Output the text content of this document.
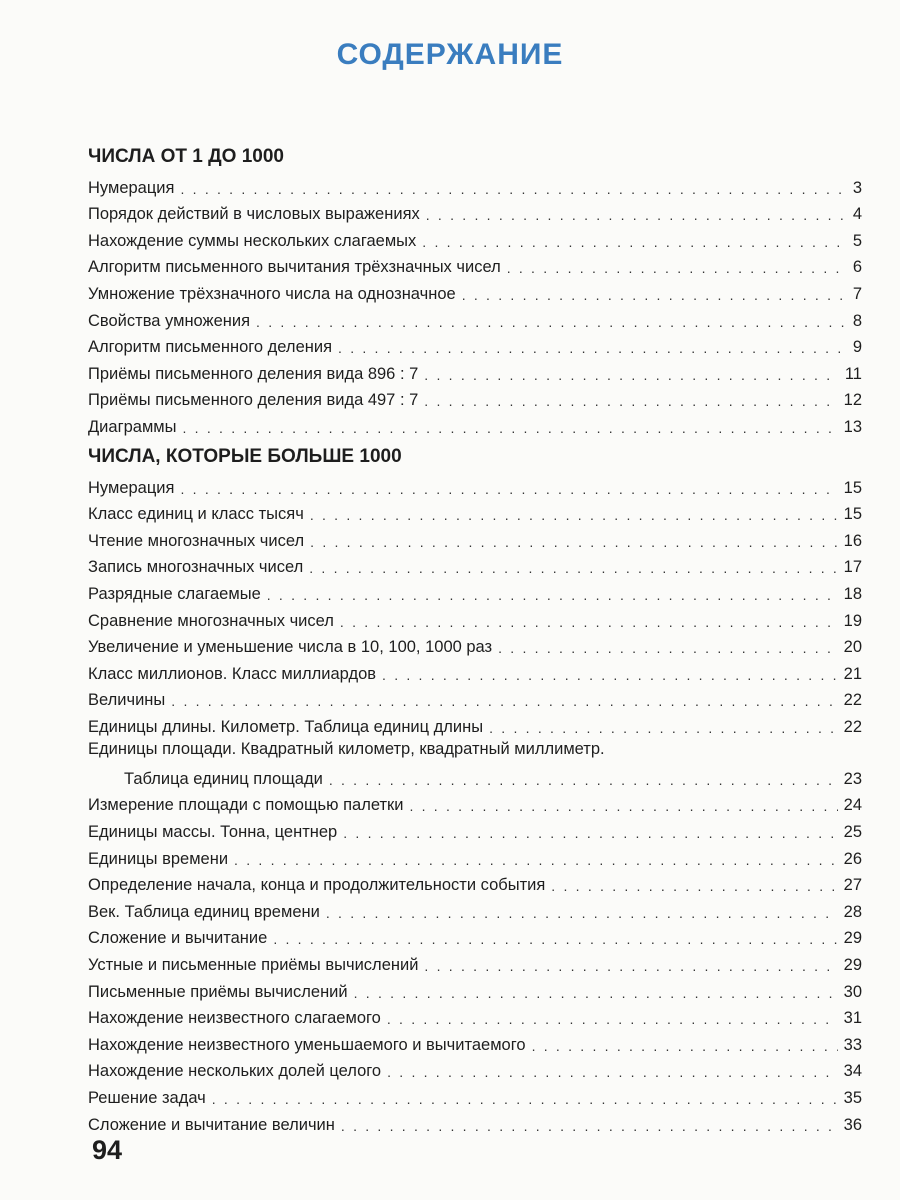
СОДЕРЖАНИЕ
ЧИСЛА ОТ 1 ДО 1000
Нумерация . . .	3
Порядок действий в числовых выражениях . . .	4
Нахождение суммы нескольких слагаемых . . .	5
Алгоритм письменного вычитания трёхзначных чисел . . .	6
Умножение трёхзначного числа на однозначное . . .	7
Свойства умножения . . .	8
Алгоритм письменного деления . . .	9
Приёмы письменного деления вида 896 : 7 . . .	11
Приёмы письменного деления вида 497 : 7 . . .	12
Диаграммы . . .	13
ЧИСЛА, КОТОРЫЕ БОЛЬШЕ 1000
Нумерация . . .	15
Класс единиц и класс тысяч . . .	15
Чтение многозначных чисел . . .	16
Запись многозначных чисел . . .	17
Разрядные слагаемые . . .	18
Сравнение многозначных чисел . . .	19
Увеличение и уменьшение числа в 10, 100, 1000 раз . . .	20
Класс миллионов. Класс миллиардов . . .	21
Величины . . .	22
Единицы длины. Километр. Таблица единиц длины . . .	22
Единицы площади. Квадратный километр, квадратный миллиметр.
Таблица единиц площади . . .	23
Измерение площади с помощью палетки . . .	24
Единицы массы. Тонна, центнер . . .	25
Единицы времени . . .	26
Определение начала, конца и продолжительности события . . .	27
Век. Таблица единиц времени . . .	28
Сложение и вычитание . . .	29
Устные и письменные приёмы вычислений . . .	29
Письменные приёмы вычислений . . .	30
Нахождение неизвестного слагаемого . . .	31
Нахождение неизвестного уменьшаемого и вычитаемого . . .	33
Нахождение нескольких долей целого . . .	34
Решение задач . . .	35
Сложение и вычитание величин . . .	36
94
